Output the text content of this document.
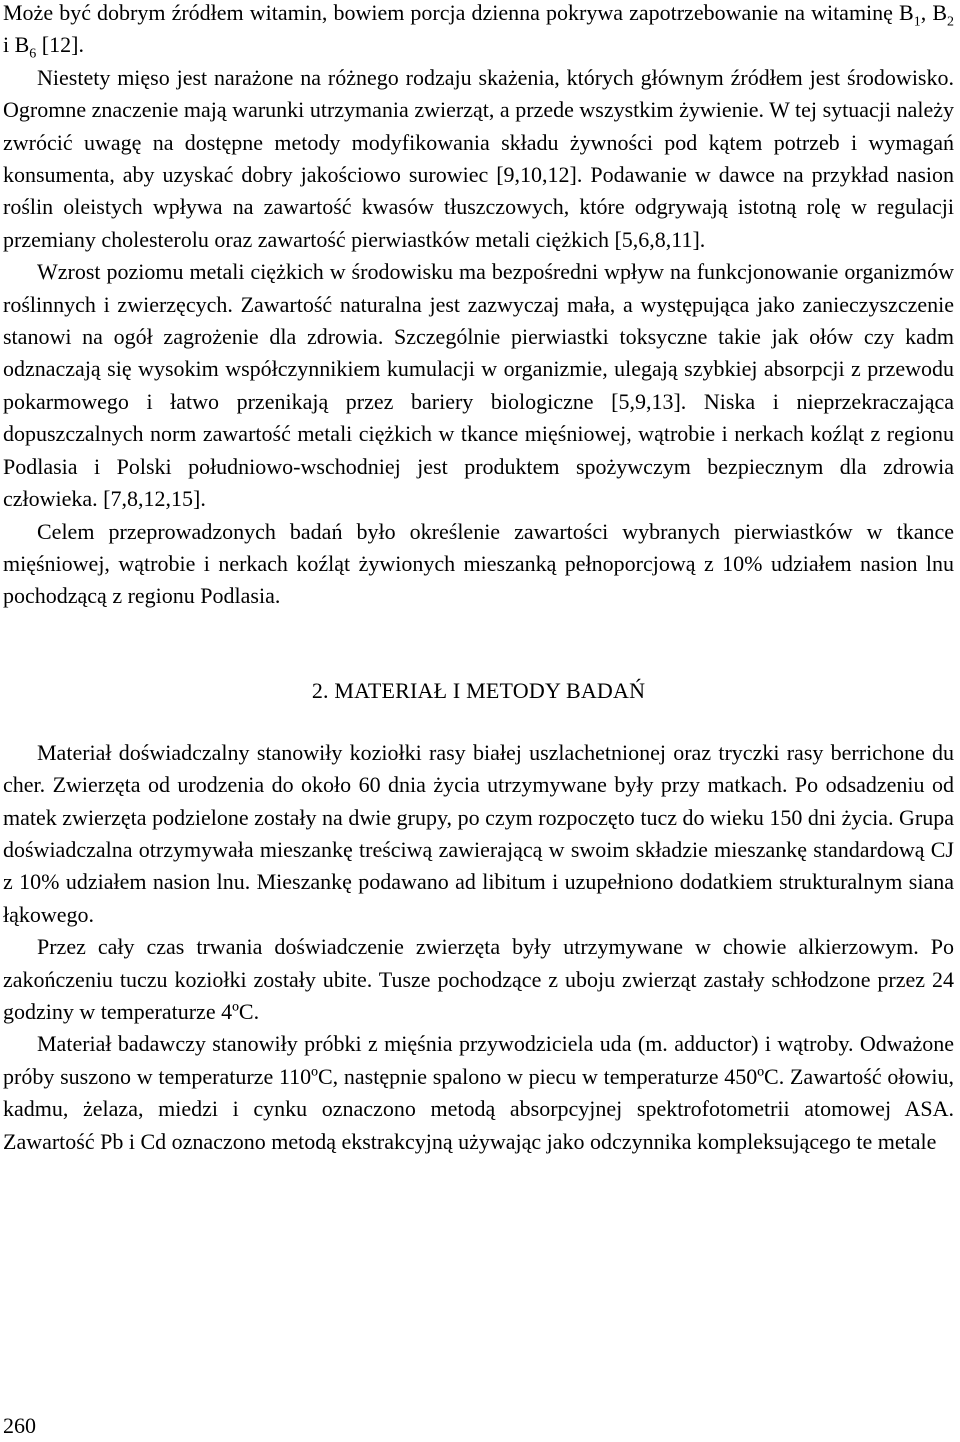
Może być dobrym źródłem witamin, bowiem porcja dzienna pokrywa zapotrzebowanie na witaminę $B_1$, $B_2$ i $B_6$ [12].

Niestety mięso jest narażone na różnego rodzaju skażenia, których głównym źródłem jest środowisko. Ogromne znaczenie mają warunki utrzymania zwierząt, a przede wszystkim żywienie. W tej sytuacji należy zwrócić uwagę na dostępne metody modyfikowania składu żywności pod kątem potrzeb i wymagań konsumenta, aby uzyskać dobry jakościowo surowiec [9,10,12]. Podawanie w dawce na przykład nasion roślin oleistych wpływa na zawartość kwasów tłuszczowych, które odgrywają istotną rolę w regulacji przemiany cholesterolu oraz zawartość pierwiastków metali ciężkich [5,6,8,11].

Wzrost poziomu metali ciężkich w środowisku ma bezpośredni wpływ na funkcjonowanie organizmów roślinnych i zwierzęcych. Zawartość naturalna jest zazwyczaj mała, a występująca jako zanieczyszczenie stanowi na ogół zagrożenie dla zdrowia. Szczególnie pierwiastki toksyczne takie jak ołów czy kadm odznaczają się wysokim współczynnikiem kumulacji w organizmie, ulegają szybkiej absorpcji z przewodu pokarmowego i łatwo przenikają przez bariery biologiczne [5,9,13]. Niska i nieprzekraczająca dopuszczalnych norm zawartość metali ciężkich w tkance mięśniowej, wątrobie i nerkach koźląt z regionu Podlasia i Polski południowo-wschodniej jest produktem spożywczym bezpiecznym dla zdrowia człowieka. [7,8,12,15].

Celem przeprowadzonych badań było określenie zawartości wybranych pierwiastków w tkance mięśniowej, wątrobie i nerkach koźląt żywionych mieszanką pełnoporcjową z 10% udziałem nasion lnu pochodzącą z regionu Podlasia.

2. MATERIAŁ I METODY BADAŃ

Materiał doświadczalny stanowiły koziołki rasy białej uszlachetnionej oraz tryczki rasy berrichone du cher. Zwierzęta od urodzenia do około 60 dnia życia utrzymywane były przy matkach. Po odsadzeniu od matek zwierzęta podzielone zostały na dwie grupy, po czym rozpoczęto tucz do wieku 150 dni życia. Grupa doświadczalna otrzymywała mieszankę treściwą zawierającą w swoim składzie mieszankę standardową CJ z 10% udziałem nasion lnu. Mieszankę podawano ad libitum i uzupełniono dodatkiem strukturalnym siana łąkowego.

Przez cały czas trwania doświadczenie zwierzęta były utrzymywane w chowie alkierzowym. Po zakończeniu tuczu koziołki zostały ubite. Tusze pochodzące z uboju zwierząt zastały schłodzone przez 24 godziny w temperaturze 4ºC.

Materiał badawczy stanowiły próbki z mięśnia przywodziciela uda (m. adductor) i wątroby. Odważone próby suszono w temperaturze 110ºC, następnie spalono w piecu w temperaturze 450ºC. Zawartość ołowiu, kadmu, żelaza, miedzi i cynku oznaczono metodą absorpcyjnej spektrofotometrii atomowej ASA. Zawartość Pb i Cd oznaczono metodą ekstrakcyjną używając jako odczynnika kompleksującego te metale

260
